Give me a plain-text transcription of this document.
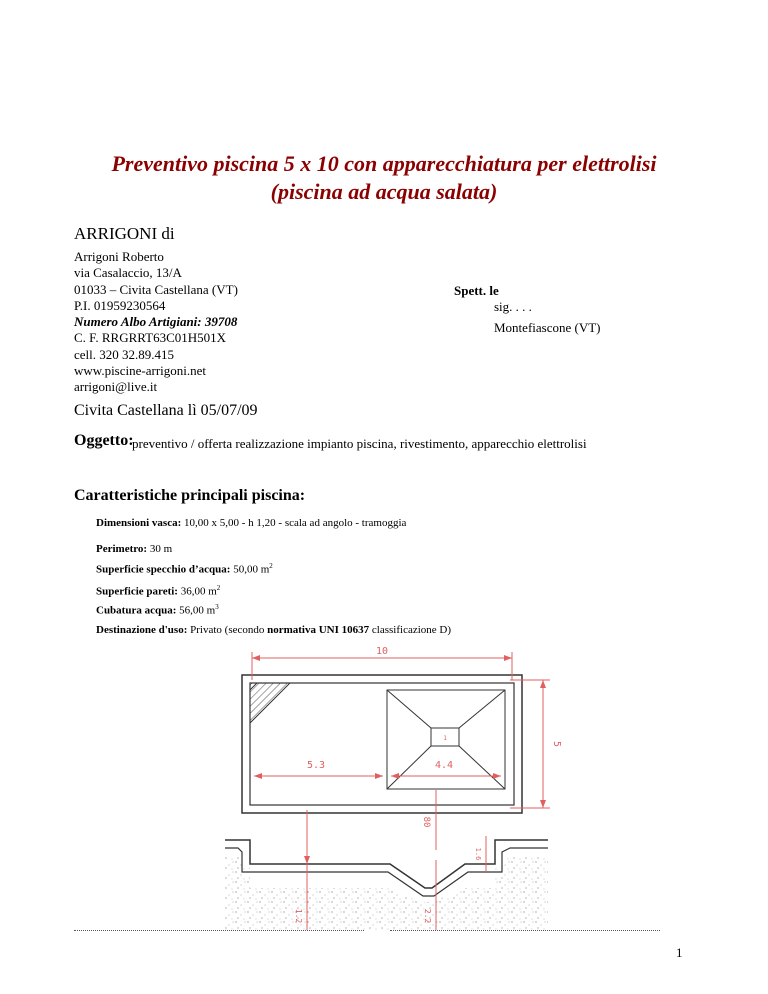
Preventivo piscina 5 x 10 con apparecchiatura per elettrolisi
(piscina ad acqua salata)
ARRIGONI di
Arrigoni Roberto
via Casalaccio, 13/A
01033 – Civita Castellana (VT)
P.I. 01959230564
Numero Albo Artigiani: 39708
C. F. RRGRRT63C01H501X
cell. 320 32.89.415
www.piscine-arrigoni.net
arrigoni@live.it
Spett. le
sig. . . .
Montefiascone (VT)
Civita Castellana lì 05/07/09
Oggetto:
preventivo / offerta realizzazione impianto piscina, rivestimento, apparecchio elettrolisi
Caratteristiche principali piscina:
Dimensioni vasca: 10,00 x 5,00 - h 1,20 - scala ad angolo - tramoggia
Perimetro: 30 m
Superficie specchio d’acqua: 50,00 $m^2$
Superficie pareti: 36,00 $m^2$
Cubatura acqua: 56,00 $m^3$
Destinazione d'uso: Privato (secondo normativa UNI 10637 classificazione D)
10
5
5.3	4.4
1
80
1.2	2.2
1.6
1
